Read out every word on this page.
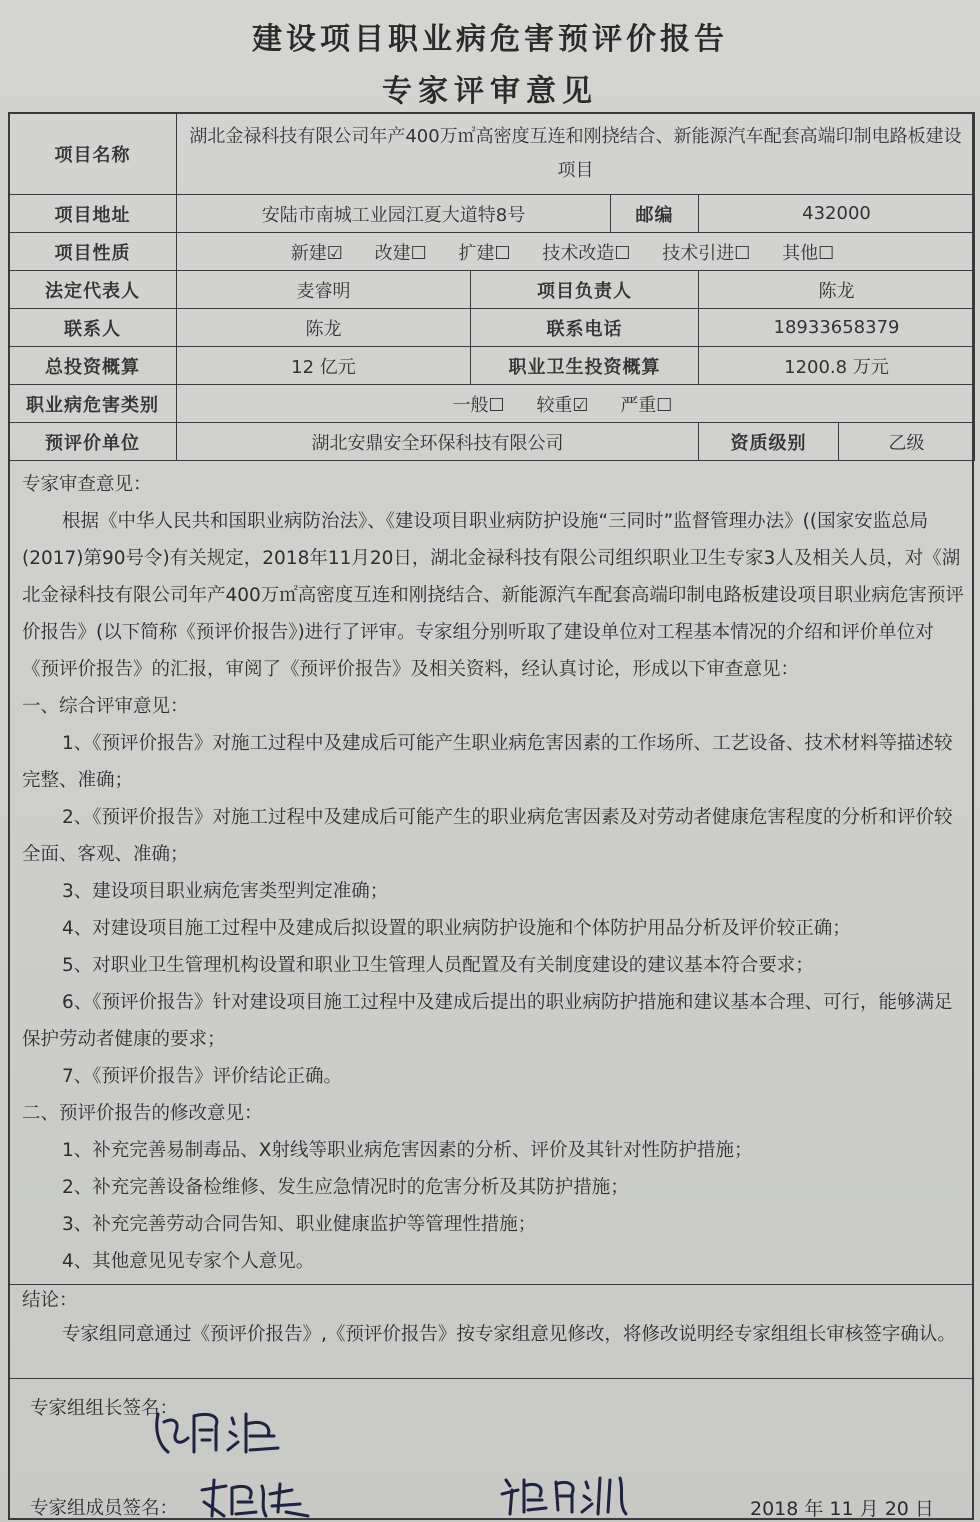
建设项目职业病危害预评价报告
专家评审意见
项目名称	湖北金禄科技有限公司年产400万㎡高密度互连和刚挠结合、新能源汽车配套高端印制电路板建设项目				
项目地址	安陆市南城工业园江夏大道特8号		邮编	432000	
项目性质	新建☑ 改建☐ 扩建☐ 技术改造☐ 技术引进☐ 其他☐				
法定代表人	麦睿明	项目负责人		陈龙	
联系人	陈龙	联系电话		18933658379	
总投资概算	12 亿元	职业卫生投资概算		1200.8 万元	
职业病危害类别	一般☐ 较重☑ 严重☐				
预评价单位	湖北安鼎安全环保科技有限公司			资质级别	乙级

专家审查意见：

根据《中华人民共和国职业病防治法》、《建设项目职业病防护设施“三同时”监督管理办法》((国家安监总局(2017)第90号令)有关规定，2018年11月20日，湖北金禄科技有限公司组织职业卫生专家3人及相关人员，对《湖北金禄科技有限公司年产400万㎡高密度互连和刚挠结合、新能源汽车配套高端印制电路板建设项目职业病危害预评价报告》(以下简称《预评价报告》)进行了评审。专家组分别听取了建设单位对工程基本情况的介绍和评价单位对《预评价报告》的汇报，审阅了《预评价报告》及相关资料，经认真讨论，形成以下审查意见：

一、综合评审意见：

1、《预评价报告》对施工过程中及建成后可能产生职业病危害因素的工作场所、工艺设备、技术材料等描述较完整、准确；

2、《预评价报告》对施工过程中及建成后可能产生的职业病危害因素及对劳动者健康危害程度的分析和评价较全面、客观、准确；

3、建设项目职业病危害类型判定准确；

4、对建设项目施工过程中及建成后拟设置的职业病防护设施和个体防护用品分析及评价较正确；

5、对职业卫生管理机构设置和职业卫生管理人员配置及有关制度建设的建议基本符合要求；

6、《预评价报告》针对建设项目施工过程中及建成后提出的职业病防护措施和建议基本合理、可行，能够满足保护劳动者健康的要求；

7、《预评价报告》评价结论正确。

二、预评价报告的修改意见：

1、补充完善易制毒品、X射线等职业病危害因素的分析、评价及其针对性防护措施；

2、补充完善设备检维修、发生应急情况时的危害分析及其防护措施；

3、补充完善劳动合同告知、职业健康监护等管理性措施；

4、其他意见见专家个人意见。

结论：

专家组同意通过《预评价报告》,《预评价报告》按专家组意见修改，将修改说明经专家组组长审核签字确认。

专家组组长签名：
专家组成员签名：	2018 年 11 月 20 日
